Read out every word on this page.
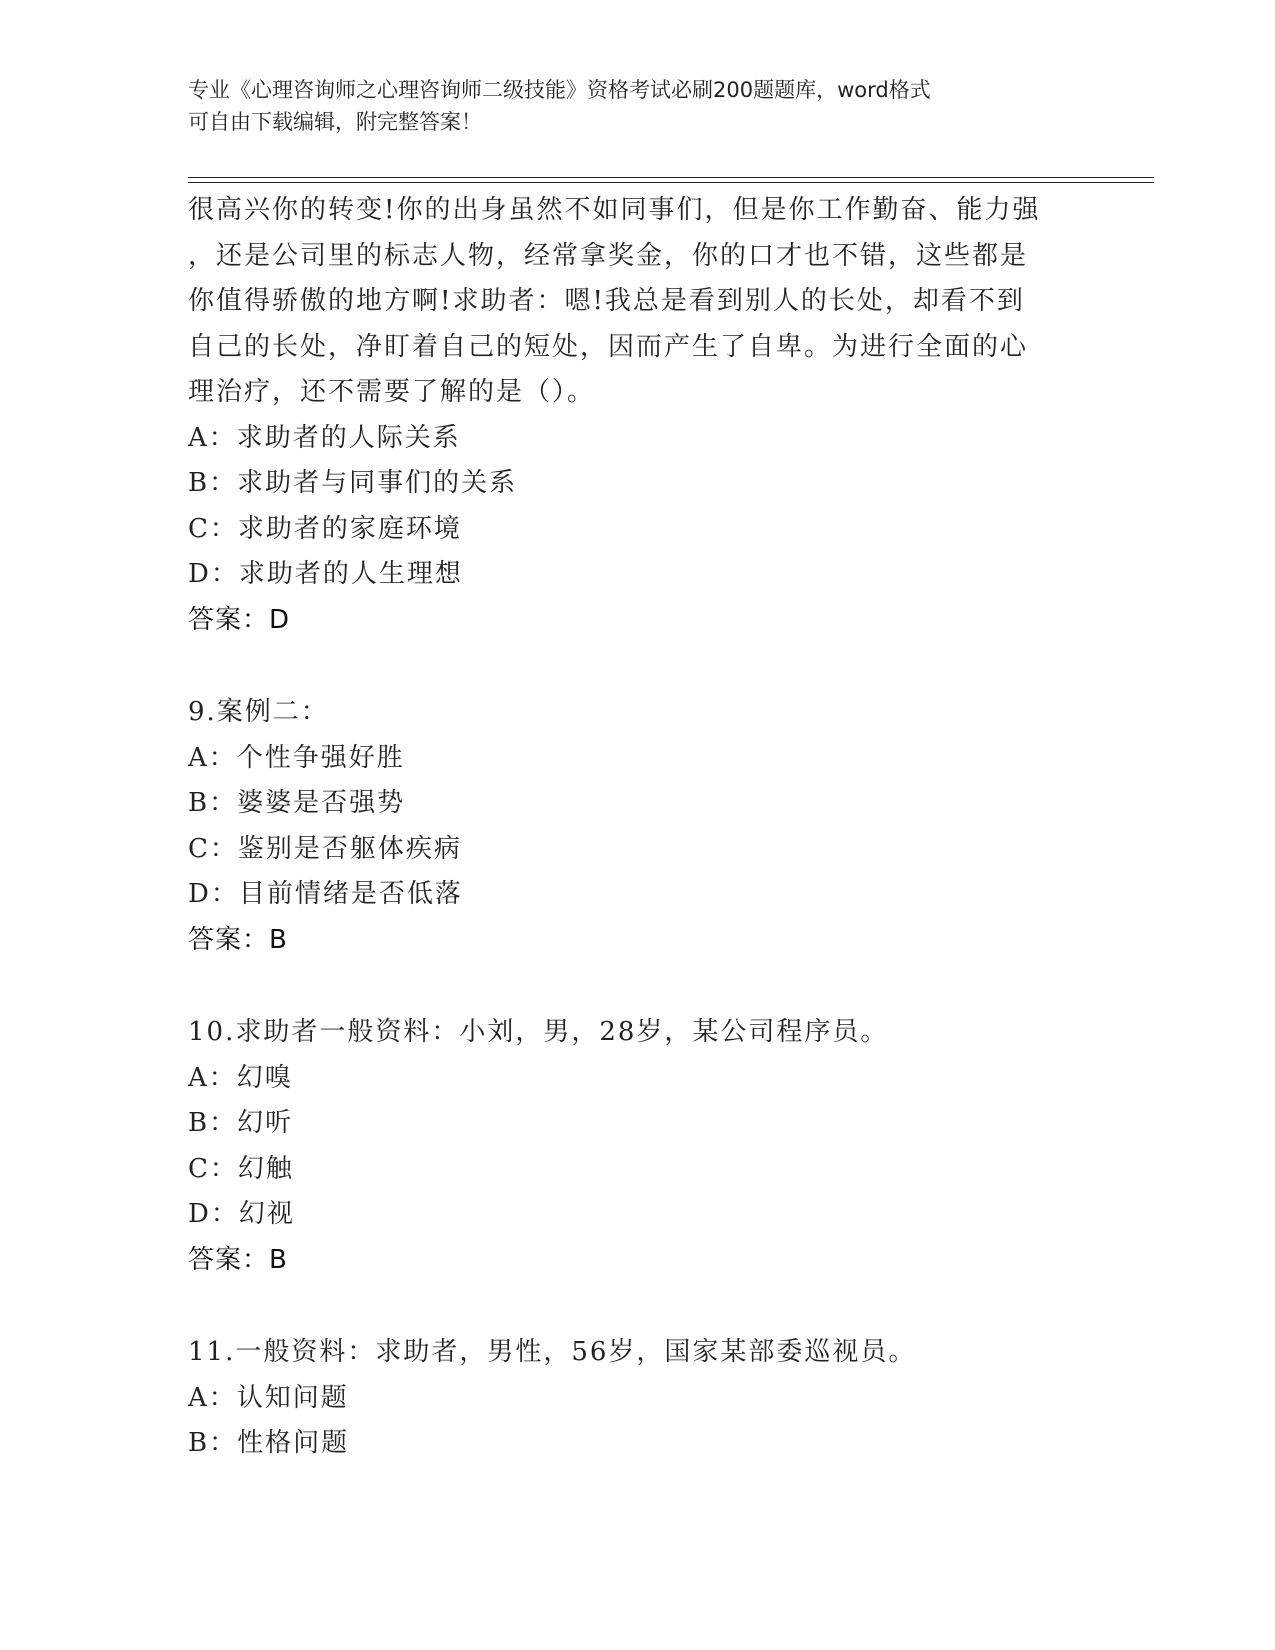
专业《心理咨询师之心理咨询师二级技能》资格考试必刷200题题库，word格式
可自由下载编辑，附完整答案！
很高兴你的转变!你的出身虽然不如同事们，但是你工作勤奋、能力强
，还是公司里的标志人物，经常拿奖金，你的口才也不错，这些都是
你值得骄傲的地方啊!求助者：嗯!我总是看到别人的长处，却看不到
自己的长处，净盯着自己的短处，因而产生了自卑。为进行全面的心
理治疗，还不需要了解的是（）。
A：求助者的人际关系
B：求助者与同事们的关系
C：求助者的家庭环境
D：求助者的人生理想
答案：D
9.案例二：
A：个性争强好胜
B：婆婆是否强势
C：鉴别是否躯体疾病
D：目前情绪是否低落
答案：B
10.求助者一般资料：小刘，男，28岁，某公司程序员。
A：幻嗅
B：幻听
C：幻触
D：幻视
答案：B
11.一般资料：求助者，男性，56岁，国家某部委巡视员。
A：认知问题
B：性格问题
